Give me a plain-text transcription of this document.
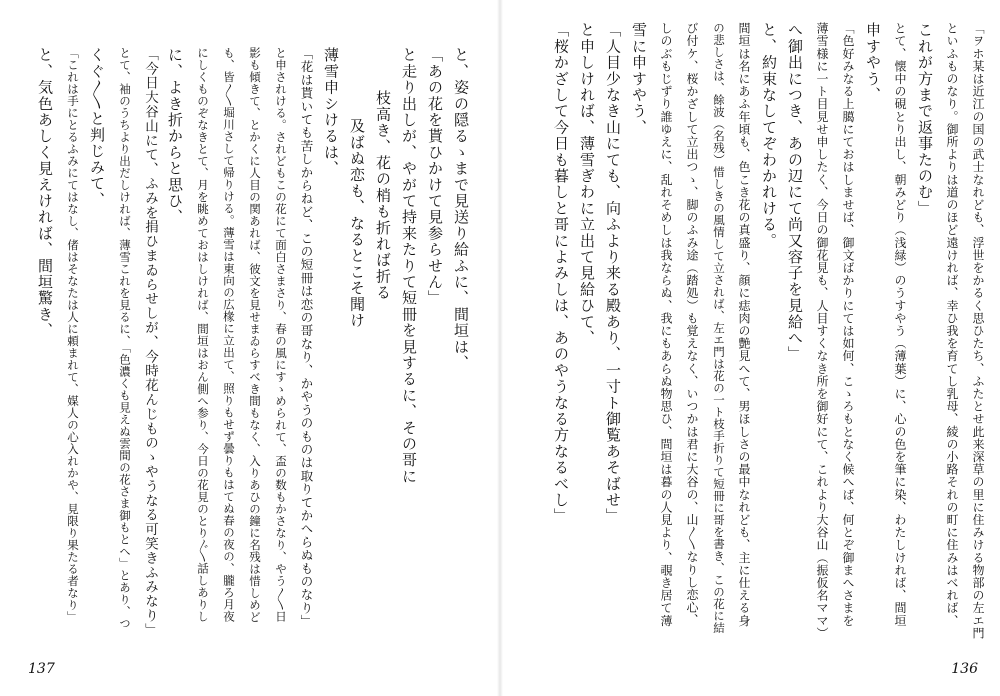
と、姿の隠るゝまで見送り給ふに、間垣は、
「あの花を貰ひかけて見参らせん」
と走り出しが、やがて持来たりて短冊を見するに、その哥に
枝高き、花の梢も折れば折る
及ばぬ恋も、なるとこそ聞け
薄雪申シけるは、
「花は貰いても苦しからねど、この短冊は恋の哥なり、かやうのものは取りてかへらぬものなり」
と申されける。されどもこの花にて面白さまさり、春の風にすゝめられて、盃の数もかさなり、やう〳〵日
影も傾きて、とかくに人目の関あれば、彼文を見せまゐらすべき間もなく、入りあひの鐘に名残は惜しめど
も、皆〳〵堀川さして帰りける。薄雪は東向の広椽に立出て、照りもせず曇りもはてぬ春の夜の、朧ろ月夜
にしくものぞなきとて、月を眺めておはしければ、間垣はおん側へ参り、今日の花見のとり〴〵話しありし
に、よき折からと思ひ、
「今日大谷山にて、ふみを捐ひまゐらせしが、今時花んじものゝやうなる可笑きふみなり」
とて、袖のうちより出だしければ、薄雪これを見るに、「色濃くも見えぬ雲間の花さま御もとへ」とあり、つ
くぐ〳〵と判じみて、
「これは手にとるふみにてはなし、偖はそなたは人に頼まれて、媒人の心入れかや、見限り果たる者なり」
と、気色あしく見えければ、間垣驚き、
137
「ヲホ某は近江の国の武士なれども、浮世をかるく思ひたち、ふたとせ此来深草の里に住みける物部の左エ門
といふものなり。御所よりは道のほど遠ければ、幸ひ我を育てし乳母、綾の小路それの町に住みはべれば、
これが方まで返事たのむ」
とて、懐中の硯とり出し、朝みどり（浅緑）のうすやう（薄葉）に、心の色を筆に染、わたしければ、間垣
申すやう、
「色好みなる上臈にておはしませば、御文ばかりにては如何、こゝろもとなく候へば、何とぞ御まへさまを
薄雪様に一ト目見せ申したく、今日の御花見も、人目すくなき所を御好にて、これより大谷山（振仮名ママ）
へ御出につき、あの辺にて尚又容子を見給へ」
と、約束なしてぞわかれける。
間垣は名にあふ年頃も、色こき花の真盛り、顔に痣肉の艶見へて、男ほしさの最中なれども、主に仕える身
の悲しさは、餘波（名残）惜しきの風情して立されば、左エ門は花の一ト枝手折りて短冊に哥を書き、この花に結
び付ケ、桜かざして立出つゝ、脚のふみ途（踏処）も覚えなく、いつかは君に大谷の、山〳〵なりし恋心、
しのぶもじずり誰ゆえに、乱れそめしは我ならぬ、我にもあらぬ物思ひ、間垣は暮の人見より、覗き居て薄
雪に申すやう、
「人目少なき山にても、向ふより来る殿あり、一寸ト御覧あそばせ」
と申しければ、薄雪ぎわに立出て見給ひて、
「桜かざして今日も暮しと哥によみしは、あのやうなる方なるべし」
136
